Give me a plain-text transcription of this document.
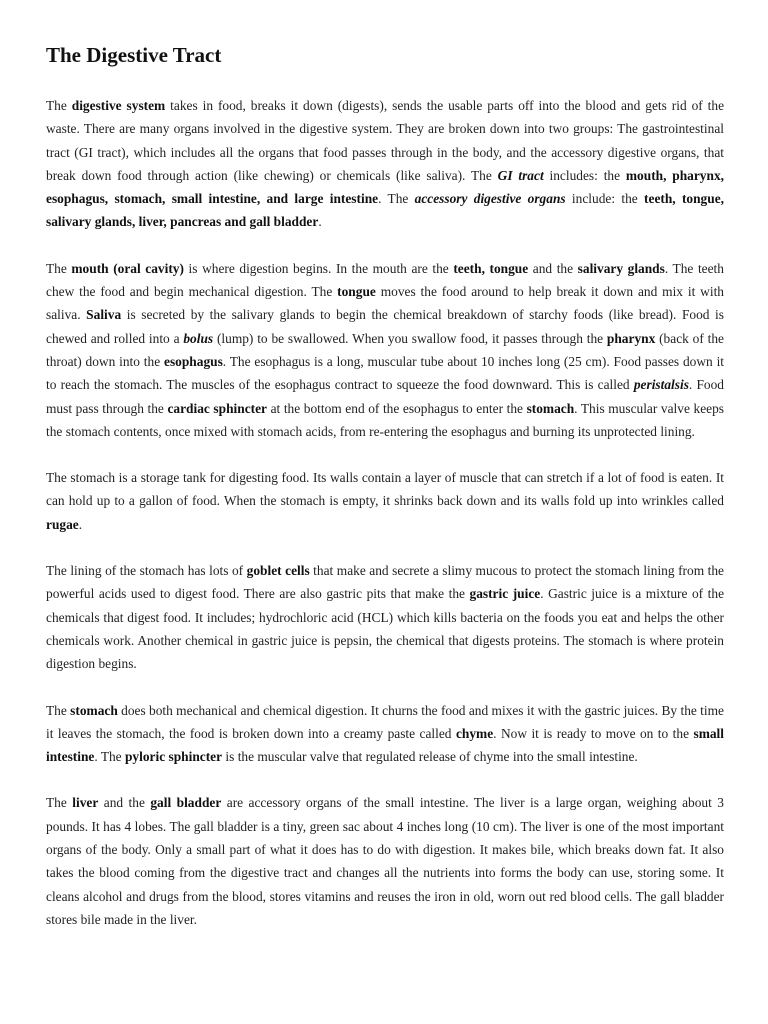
The Digestive Tract

The digestive system takes in food, breaks it down (digests), sends the usable parts off into the blood and gets rid of the waste. There are many organs involved in the digestive system. They are broken down into two groups: The gastrointestinal tract (GI tract), which includes all the organs that food passes through in the body, and the accessory digestive organs, that break down food through action (like chewing) or chemicals (like saliva). The GI tract includes: the mouth, pharynx, esophagus, stomach, small intestine, and large intestine. The accessory digestive organs include: the teeth, tongue, salivary glands, liver, pancreas and gall bladder.

The mouth (oral cavity) is where digestion begins. In the mouth are the teeth, tongue and the salivary glands. The teeth chew the food and begin mechanical digestion. The tongue moves the food around to help break it down and mix it with saliva. Saliva is secreted by the salivary glands to begin the chemical breakdown of starchy foods (like bread). Food is chewed and rolled into a bolus (lump) to be swallowed. When you swallow food, it passes through the pharynx (back of the throat) down into the esophagus. The esophagus is a long, muscular tube about 10 inches long (25 cm). Food passes down it to reach the stomach. The muscles of the esophagus contract to squeeze the food downward. This is called peristalsis. Food must pass through the cardiac sphincter at the bottom end of the esophagus to enter the stomach. This muscular valve keeps the stomach contents, once mixed with stomach acids, from re-entering the esophagus and burning its unprotected lining.

The stomach is a storage tank for digesting food. Its walls contain a layer of muscle that can stretch if a lot of food is eaten. It can hold up to a gallon of food. When the stomach is empty, it shrinks back down and its walls fold up into wrinkles called rugae.

The lining of the stomach has lots of goblet cells that make and secrete a slimy mucous to protect the stomach lining from the powerful acids used to digest food. There are also gastric pits that make the gastric juice. Gastric juice is a mixture of the chemicals that digest food. It includes; hydrochloric acid (HCL) which kills bacteria on the foods you eat and helps the other chemicals work. Another chemical in gastric juice is pepsin, the chemical that digests proteins. The stomach is where protein digestion begins.

The stomach does both mechanical and chemical digestion. It churns the food and mixes it with the gastric juices. By the time it leaves the stomach, the food is broken down into a creamy paste called chyme. Now it is ready to move on to the small intestine. The pyloric sphincter is the muscular valve that regulated release of chyme into the small intestine.

The liver and the gall bladder are accessory organs of the small intestine. The liver is a large organ, weighing about 3 pounds. It has 4 lobes. The gall bladder is a tiny, green sac about 4 inches long (10 cm). The liver is one of the most important organs of the body. Only a small part of what it does has to do with digestion. It makes bile, which breaks down fat. It also takes the blood coming from the digestive tract and changes all the nutrients into forms the body can use, storing some. It cleans alcohol and drugs from the blood, stores vitamins and reuses the iron in old, worn out red blood cells. The gall bladder stores bile made in the liver.
